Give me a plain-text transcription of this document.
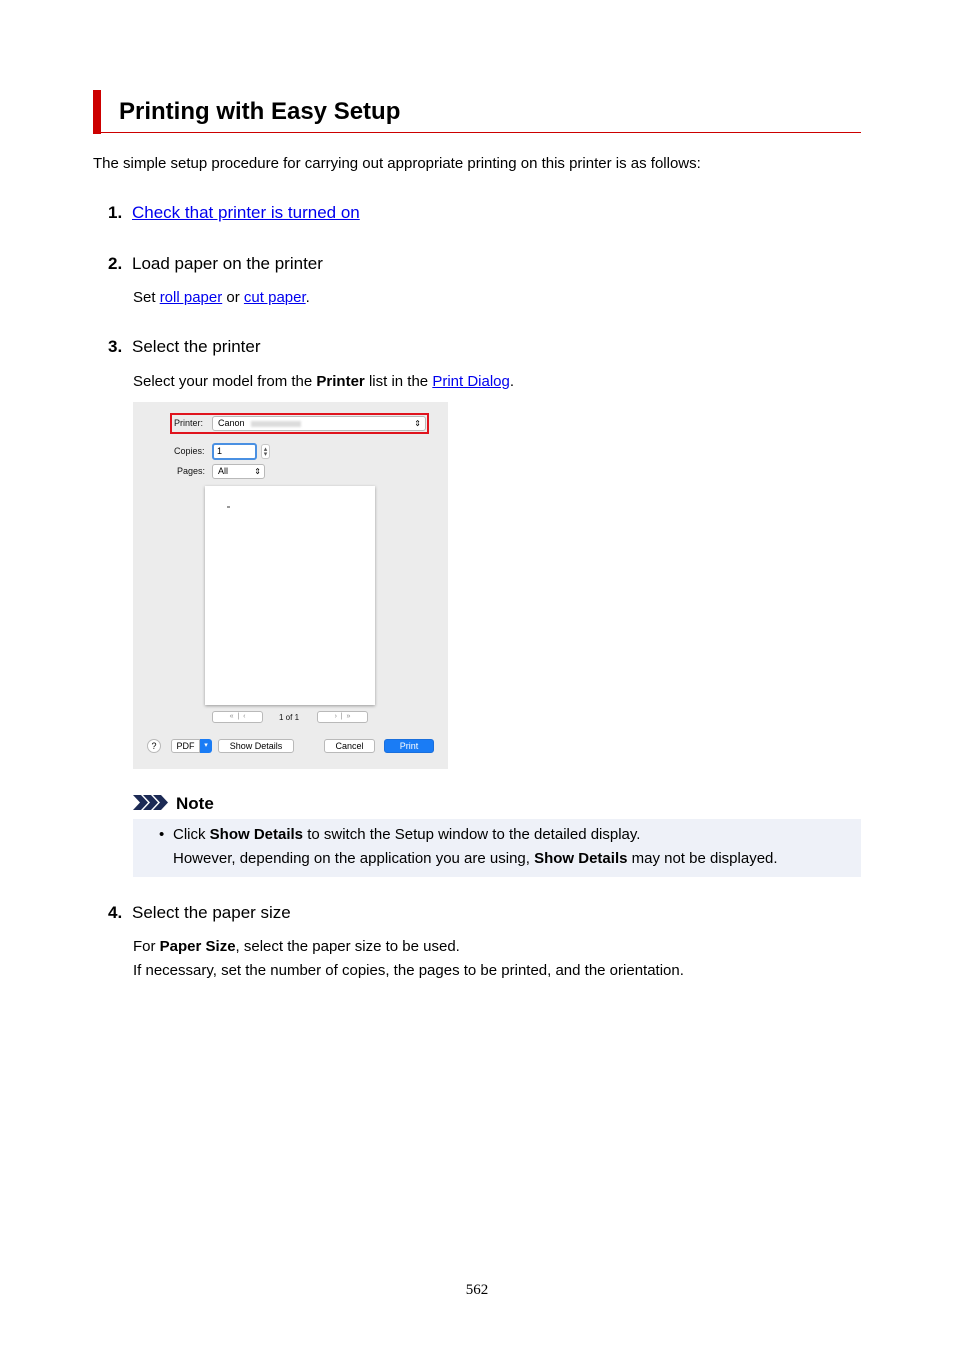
Printing with Easy Setup
The simple setup procedure for carrying out appropriate printing on this printer is as follows:
1. Check that printer is turned on
2. Load paper on the printer
Set roll paper or cut paper.
3. Select the printer
Select your model from the Printer list in the Print Dialog.
Printer:	Canon	⇕
Copies:	1	▴
▾
Pages:	All	⇕
«  |  ‹	1 of 1	›  |  »
?	PDF	▾	Show Details	Cancel	Print
Note
• Click Show Details to switch the Setup window to the detailed display.
However, depending on the application you are using, Show Details may not be displayed.
4. Select the paper size
For Paper Size, select the paper size to be used.
If necessary, set the number of copies, the pages to be printed, and the orientation.
562
